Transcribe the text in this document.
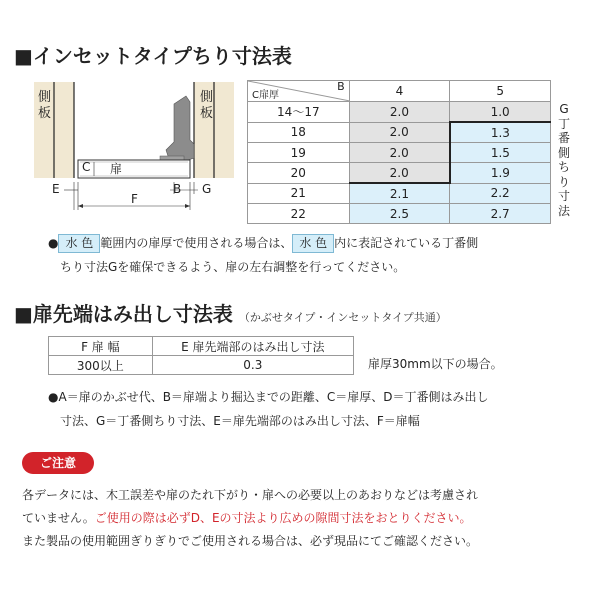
■インセットタイプちり寸法表
側板
側板
扉
C
E
F
B G
B
C扉厚	4	5
14～17	2.0	1.0
18	2.0	1.3
19	2.0	1.5
20	2.0	1.9
21	2.1	2.2
22	2.5	2.7
G丁番側ちり寸法
● 水 色 範囲内の扉厚で使用される場合は、 水 色 内に表記されている丁番側
ちり寸法Gを確保できるよう、扉の左右調整を行ってください。
■扉先端はみ出し寸法表 （かぶせタイプ・インセットタイプ共通）
F 扉 幅	E 扉先端部のはみ出し寸法
300以上	0.3	扉厚30mm以下の場合。
●A＝扉のかぶせ代、B＝扉端より掘込までの距離、C＝扉厚、D＝丁番側はみ出し
寸法、G＝丁番側ちり寸法、E＝扉先端部のはみ出し寸法、F＝扉幅
ご注意
各データには、木工誤差や扉のたれ下がり・扉への必要以上のあおりなどは考慮され
ていません。ご使用の際は必ずD、Eの寸法より広めの隙間寸法をおとりください。
また製品の使用範囲ぎりぎりでご使用される場合は、必ず現品にてご確認ください。
